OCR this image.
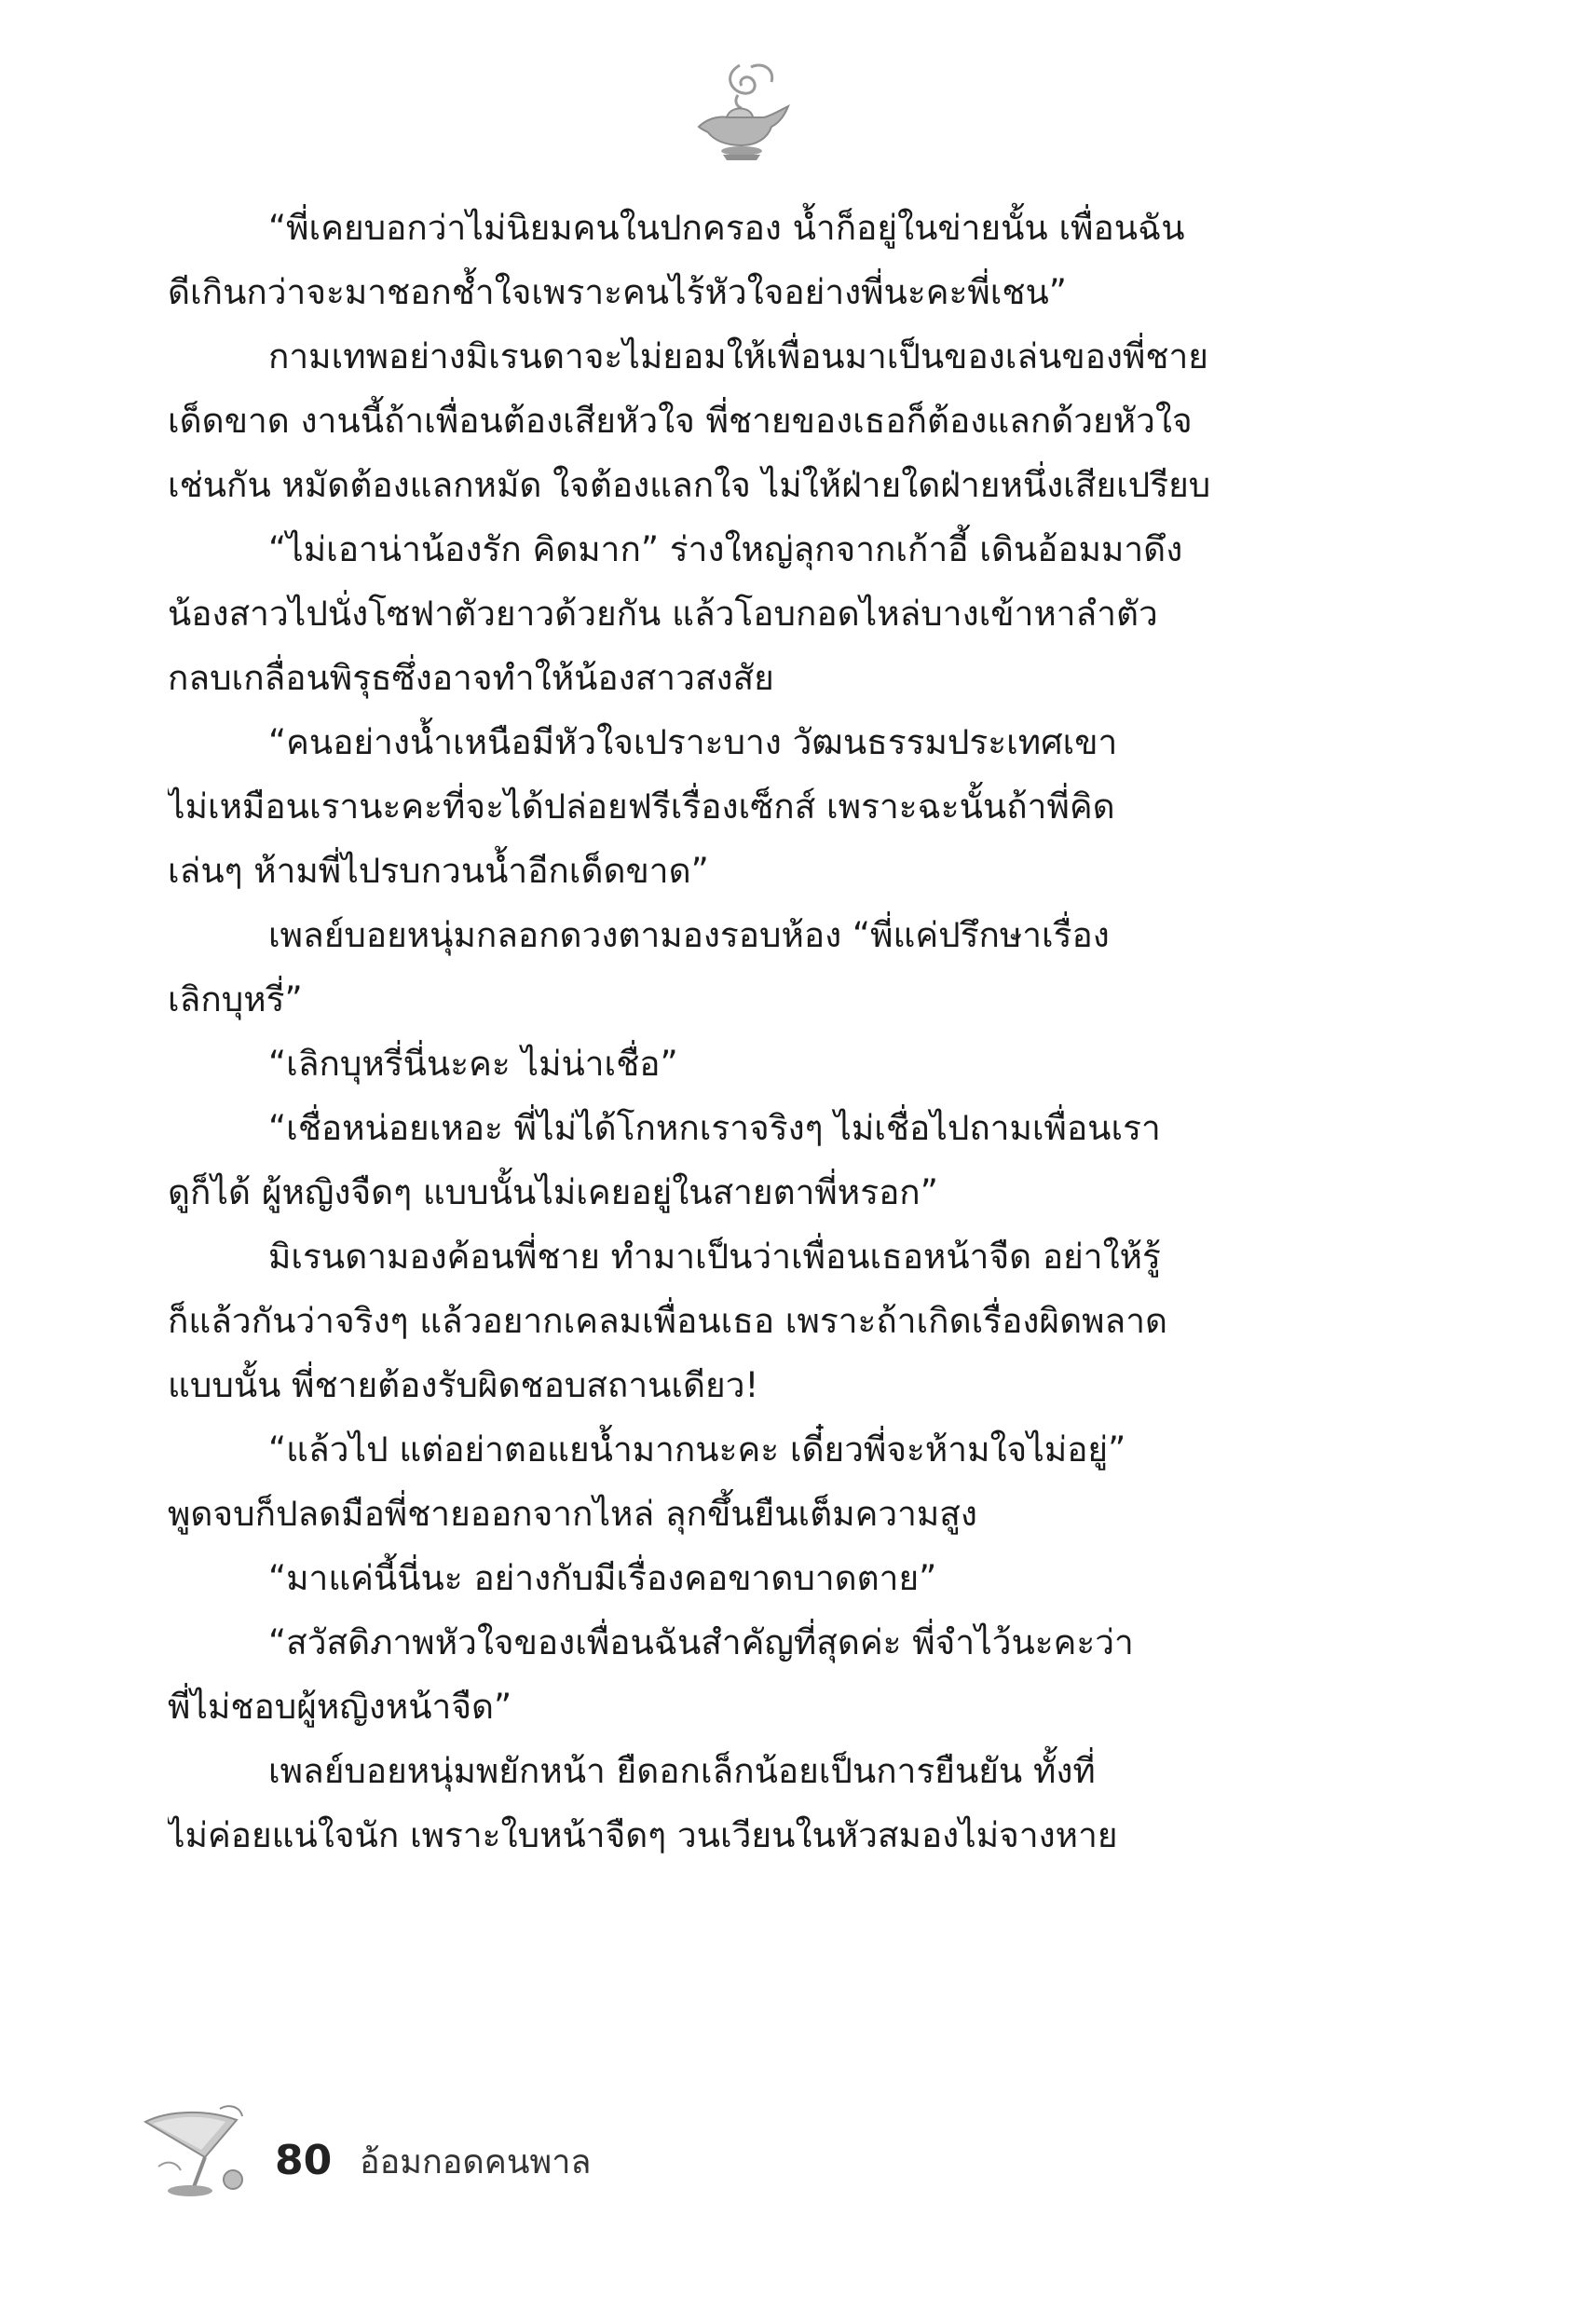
“พี่เคยบอกว่าไม่นิยมคนในปกครอง น้ำก็อยู่ในข่ายนั้น เพื่อนฉัน
ดีเกินกว่าจะมาชอกช้ำใจเพราะคนไร้หัวใจอย่างพี่นะคะพี่เชน”
กามเทพอย่างมิเรนดาจะไม่ยอมให้เพื่อนมาเป็นของเล่นของพี่ชาย
เด็ดขาด งานนี้ถ้าเพื่อนต้องเสียหัวใจ พี่ชายของเธอก็ต้องแลกด้วยหัวใจ
เช่นกัน หมัดต้องแลกหมัด ใจต้องแลกใจ ไม่ให้ฝ่ายใดฝ่ายหนึ่งเสียเปรียบ
“ไม่เอาน่าน้องรัก คิดมาก” ร่างใหญ่ลุกจากเก้าอี้ เดินอ้อมมาดึง
น้องสาวไปนั่งโซฟาตัวยาวด้วยกัน แล้วโอบกอดไหล่บางเข้าหาลำตัว
กลบเกลื่อนพิรุธซึ่งอาจทำให้น้องสาวสงสัย
“คนอย่างน้ำเหนือมีหัวใจเปราะบาง วัฒนธรรมประเทศเขา
ไม่เหมือนเรานะคะที่จะได้ปล่อยฟรีเรื่องเซ็กส์ เพราะฉะนั้นถ้าพี่คิด
เล่นๆ ห้ามพี่ไปรบกวนน้ำอีกเด็ดขาด”
เพลย์บอยหนุ่มกลอกดวงตามองรอบห้อง “พี่แค่ปรึกษาเรื่อง
เลิกบุหรี่”
“เลิกบุหรี่นี่นะคะ ไม่น่าเชื่อ”
“เชื่อหน่อยเหอะ พี่ไม่ได้โกหกเราจริงๆ ไม่เชื่อไปถามเพื่อนเรา
ดูก็ได้ ผู้หญิงจืดๆ แบบนั้นไม่เคยอยู่ในสายตาพี่หรอก”
มิเรนดามองค้อนพี่ชาย ทำมาเป็นว่าเพื่อนเธอหน้าจืด อย่าให้รู้
ก็แล้วกันว่าจริงๆ แล้วอยากเคลมเพื่อนเธอ เพราะถ้าเกิดเรื่องผิดพลาด
แบบนั้น พี่ชายต้องรับผิดชอบสถานเดียว!
“แล้วไป แต่อย่าตอแยน้ำมากนะคะ เดี๋ยวพี่จะห้ามใจไม่อยู่”
พูดจบก็ปลดมือพี่ชายออกจากไหล่ ลุกขึ้นยืนเต็มความสูง
“มาแค่นี้นี่นะ อย่างกับมีเรื่องคอขาดบาดตาย”
“สวัสดิภาพหัวใจของเพื่อนฉันสำคัญที่สุดค่ะ พี่จำไว้นะคะว่า
พี่ไม่ชอบผู้หญิงหน้าจืด”
เพลย์บอยหนุ่มพยักหน้า ยืดอกเล็กน้อยเป็นการยืนยัน ทั้งที่
ไม่ค่อยแน่ใจนัก เพราะใบหน้าจืดๆ วนเวียนในหัวสมองไม่จางหาย
80 อ้อมกอดคนพาล
